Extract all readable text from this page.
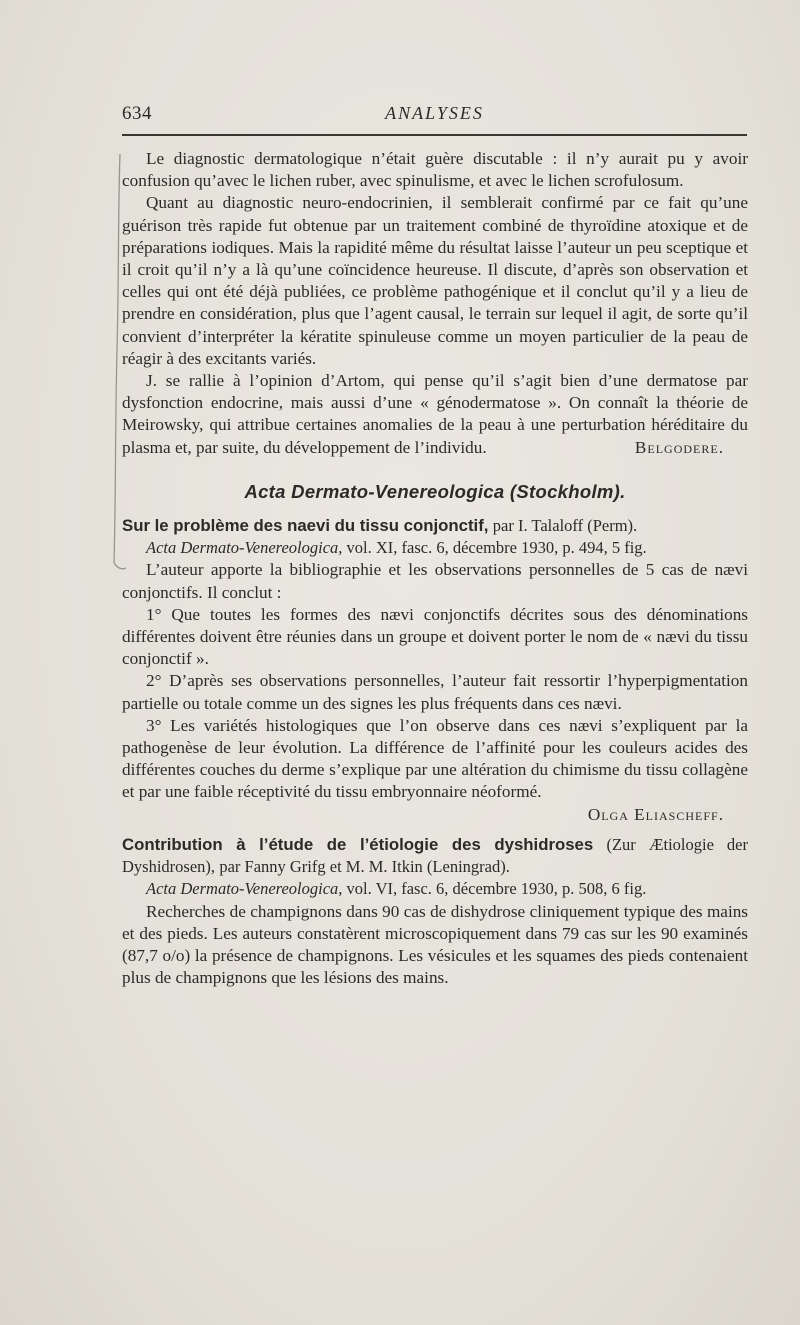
634	ANALYSES

Le diagnostic dermatologique n’était guère discutable : il n’y aurait pu y avoir confusion qu’avec le lichen ruber, avec spinulisme, et avec le lichen scrofulosum.

Quant au diagnostic neuro-endocrinien, il semblerait confirmé par ce fait qu’une guérison très rapide fut obtenue par un traitement combiné de thyroïdine atoxique et de préparations iodiques. Mais la rapidité même du résultat laisse l’auteur un peu sceptique et il croit qu’il n’y a là qu’une coïncidence heureuse. Il discute, d’après son observation et celles qui ont été déjà publiées, ce problème pathogénique et il conclut qu’il y a lieu de prendre en considération, plus que l’agent causal, le terrain sur lequel il agit, de sorte qu’il convient d’interpréter la kératite spinuleuse comme un moyen particulier de la peau de réagir à des excitants variés.

J. se rallie à l’opinion d’Artom, qui pense qu’il s’agit bien d’une dermatose par dysfonction endocrine, mais aussi d’une « génodermatose ». On connaît la théorie de Meirowsky, qui attribue certaines anomalies de la peau à une perturbation héréditaire du plasma et, par suite, du développement de l’individu.	Belgodere.

Acta Dermato-Venereologica (Stockholm).

Sur le problème des naevi du tissu conjonctif, par I. Talaloff (Perm).
Acta Dermato-Venereologica, vol. XI, fasc. 6, décembre 1930, p. 494, 5 fig.

L’auteur apporte la bibliographie et les observations personnelles de 5 cas de nævi conjonctifs. Il conclut :

1° Que toutes les formes des nævi conjonctifs décrites sous des dénominations différentes doivent être réunies dans un groupe et doivent porter le nom de « nævi du tissu conjonctif ».

2° D’après ses observations personnelles, l’auteur fait ressortir l’hyperpigmentation partielle ou totale comme un des signes les plus fréquents dans ces nævi.

3° Les variétés histologiques que l’on observe dans ces nævi s’expliquent par la pathogenèse de leur évolution. La différence de l’affinité pour les couleurs acides des différentes couches du derme s’explique par une altération du chimisme du tissu collagène et par une faible réceptivité du tissu embryonnaire néoformé.

Olga Eliascheff.

Contribution à l’étude de l’étiologie des dyshidroses (Zur Ætiologie der Dyshidrosen), par Fanny Grifg et M. M. Itkin (Leningrad).
Acta Dermato-Venereologica, vol. VI, fasc. 6, décembre 1930, p. 508, 6 fig.

Recherches de champignons dans 90 cas de dishydrose cliniquement typique des mains et des pieds. Les auteurs constatèrent microscopiquement dans 79 cas sur les 90 examinés (87,7 o/o) la présence de champignons. Les vésicules et les squames des pieds contenaient plus de champignons que les lésions des mains.
